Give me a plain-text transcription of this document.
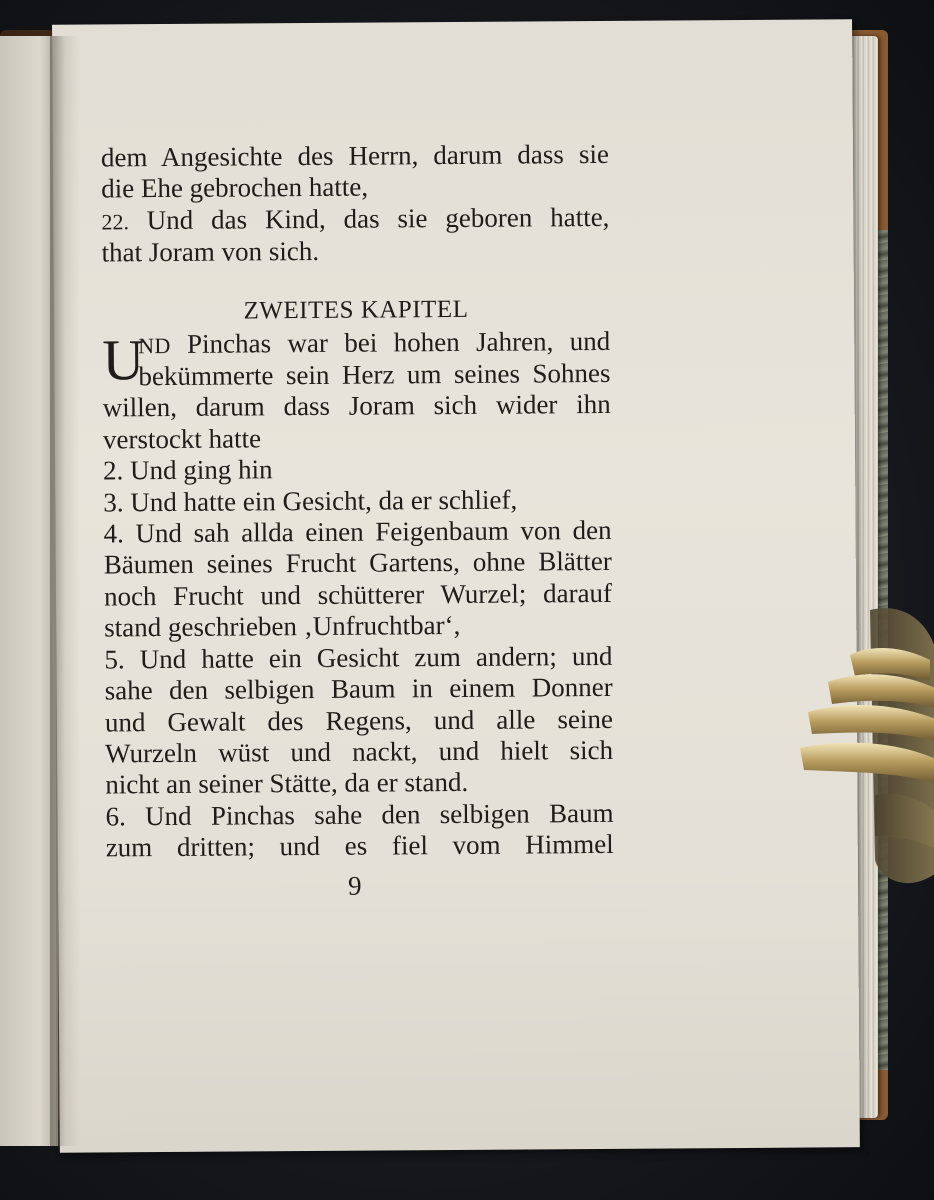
dem Angesichte des Herrn, darum dass sie
die Ehe gebrochen hatte,
22. Und das Kind, das sie geboren hatte,
that Joram von sich.
ZWEITES KAPITEL
U
ND Pinchas war bei hohen Jahren, und
bekümmerte sein Herz um seines Sohnes
willen, darum dass Joram sich wider ihn
verstockt hatte
2. Und ging hin
3. Und hatte ein Gesicht, da er schlief,
4. Und sah allda einen Feigenbaum von den
Bäumen seines Frucht Gartens, ohne Blätter
noch Frucht und schütterer Wurzel; darauf
stand geschrieben ‚Unfruchtbar‘,
5. Und hatte ein Gesicht zum andern; und
sahe den selbigen Baum in einem Donner
und Gewalt des Regens, und alle seine
Wurzeln wüst und nackt, und hielt sich
nicht an seiner Stätte, da er stand.
6. Und Pinchas sahe den selbigen Baum
zum dritten; und es fiel vom Himmel
9
